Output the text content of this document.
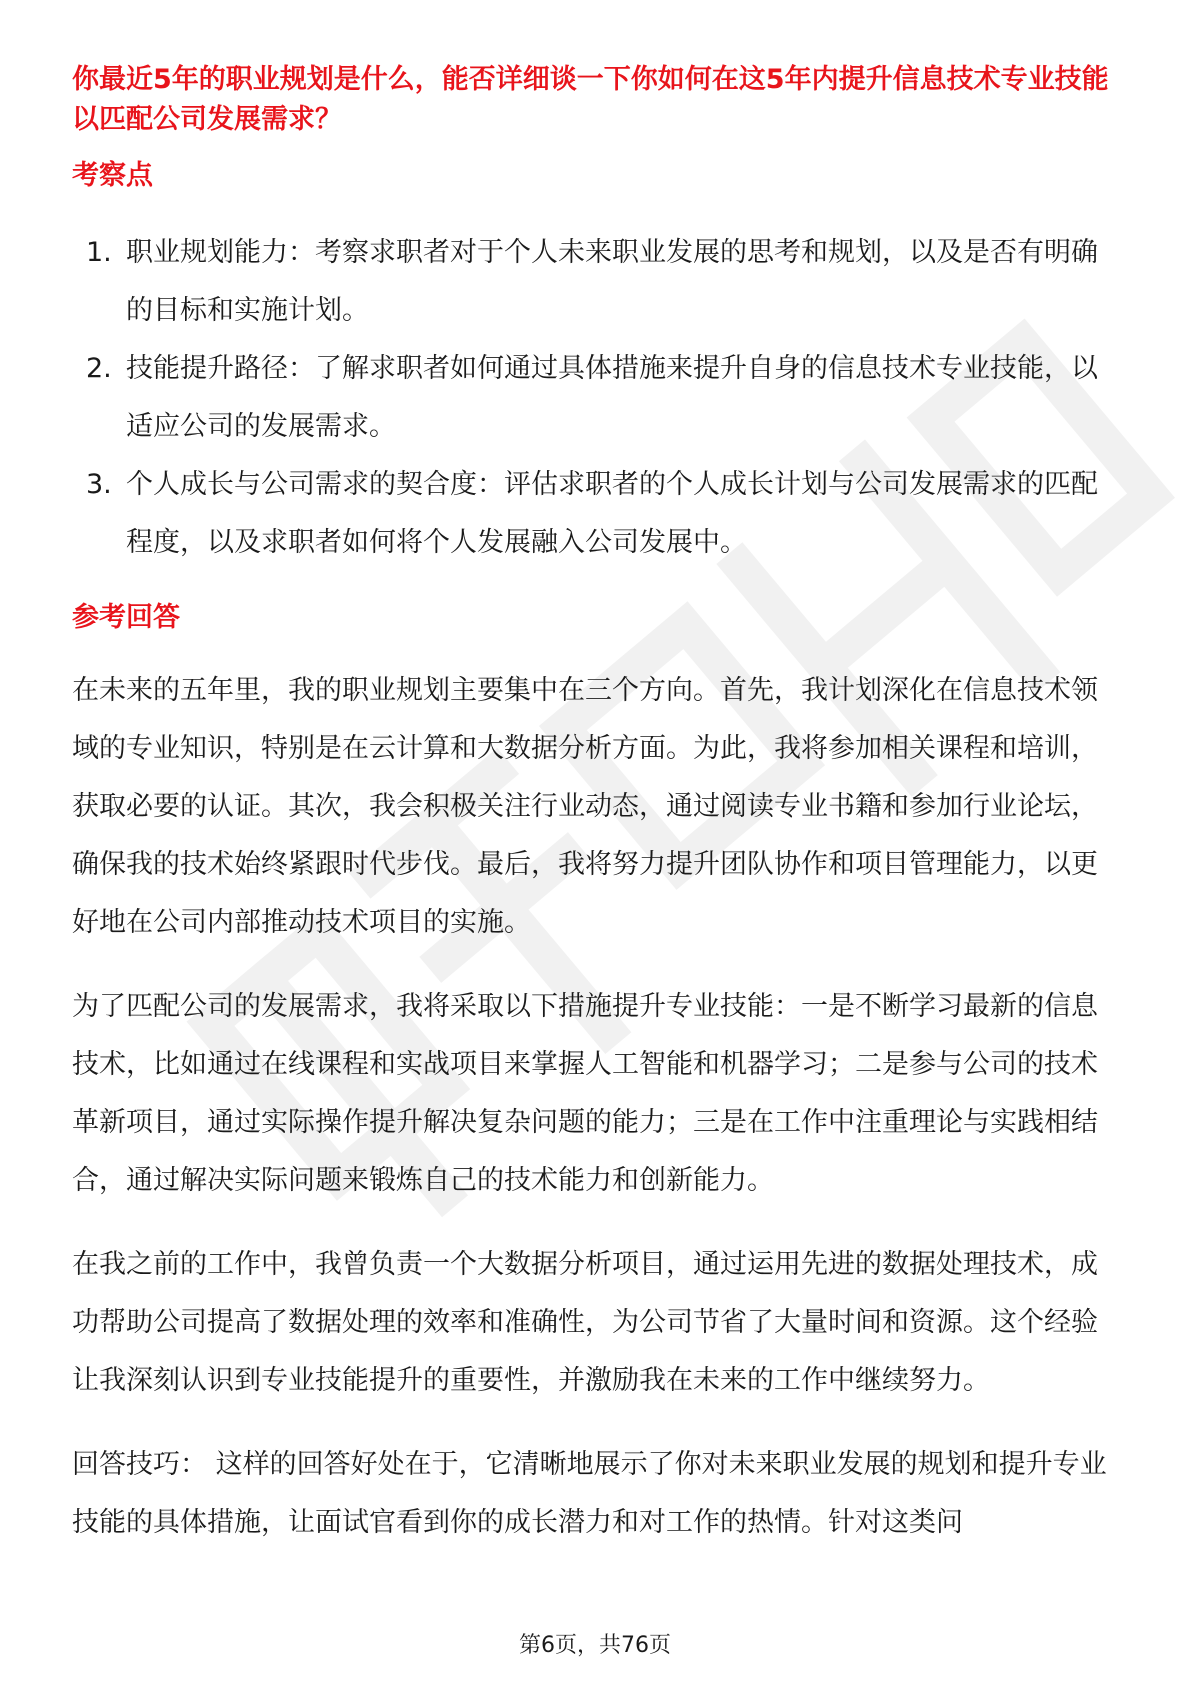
你最近5年的职业规划是什么，能否详细谈一下你如何在这5年内提升信息技术专业技能以匹配公司发展需求？
考察点
1. 职业规划能力：考察求职者对于个人未来职业发展的思考和规划，以及是否有明确的目标和实施计划。
2. 技能提升路径：了解求职者如何通过具体措施来提升自身的信息技术专业技能，以适应公司的发展需求。
3. 个人成长与公司需求的契合度：评估求职者的个人成长计划与公司发展需求的匹配程度，以及求职者如何将个人发展融入公司发展中。
参考回答

在未来的五年里，我的职业规划主要集中在三个方向。首先，我计划深化在信息技术领域的专业知识，特别是在云计算和大数据分析方面。为此，我将参加相关课程和培训，获取必要的认证。其次，我会积极关注行业动态，通过阅读专业书籍和参加行业论坛，确保我的技术始终紧跟时代步伐。最后，我将努力提升团队协作和项目管理能力，以更好地在公司内部推动技术项目的实施。

为了匹配公司的发展需求，我将采取以下措施提升专业技能：一是不断学习最新的信息技术，比如通过在线课程和实战项目来掌握人工智能和机器学习；二是参与公司的技术革新项目，通过实际操作提升解决复杂问题的能力；三是在工作中注重理论与实践相结合，通过解决实际问题来锻炼自己的技术能力和创新能力。

在我之前的工作中，我曾负责一个大数据分析项目，通过运用先进的数据处理技术，成功帮助公司提高了数据处理的效率和准确性，为公司节省了大量时间和资源。这个经验让我深刻认识到专业技能提升的重要性，并激励我在未来的工作中继续努力。

回答技巧： 这样的回答好处在于，它清晰地展示了你对未来职业发展的规划和提升专业技能的具体措施，让面试官看到你的成长潜力和对工作的热情。针对这类问

第6页，共76页
